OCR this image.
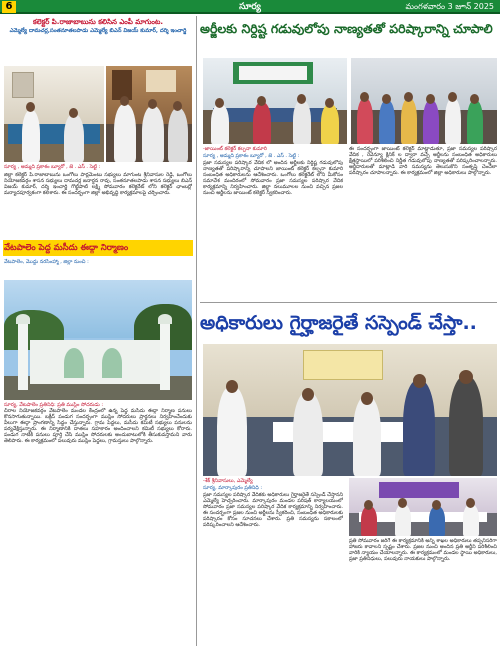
6	సూర్య	మంగళవారం 3 జూన్ 2025
కలెక్టర్ పి.రాజాబాబును కలిసిన ఎంపీ మాగుంట.
ఎమ్మెల్యే దామచర్ల,సంతనూతలపాడు ఎమ్మెల్యే బిఎన్ విజయ్ కుమార్, దర్శి ఇంచార్జి
సూర్య , అమ్మది ప్రకాశం బ్యూరో , జె . ఎస్ . సెట్టి :
జిల్లా కలెక్టర్ పి.రాజాబాబును ఒంగోలు పార్లమెంటు సభ్యులు మాగుంట శ్రీనివాసుల రెడ్డి, ఒంగోలు నియోజకవర్గం శాసన సభ్యులు దామచర్ల జనార్ధన రావు, సంతనూతలపాడు శాసన సభ్యులు బిఎన్ విజయ్ కుమార్, దర్శి ఇంచార్జి గొట్టిపాటి లక్ష్మి సోమవారం కలెక్టరేట్ లోని కలెక్టర్ ఛాంబర్లో మర్యాదపూర్వకంగా కలిశారు. ఈ సందర్భంగా జిల్లా అభివృద్ధి కార్యక్రమాలపై చర్చించారు.
వేటపాలెం పెద్ద మసీదు ఈద్గా నిర్మాణం
వేటపాలెం, మొద్దు నరసింహ్మా , జిల్లా నుంచి :
సూర్య, వేటపాలెం ప్రతినిధి: ప్రతి ముస్లిం సోదరుడు :
చీరాల నియోజకవర్గం వేటపాలెం మండల కేంద్రంలో ఉన్న పెద్ద మసీదు ఈద్గా నిర్మాణ పనులు కొనసాగుతున్నాయి. బక్రీద్ పండుగ సందర్భంగా ముస్లిం సోదరులు ప్రార్థనలు నిర్వహించేందుకు వీలుగా ఈద్గా ప్రాంగణాన్ని సిద్ధం చేస్తున్నారు. గ్రామ పెద్దలు, మసీదు కమిటీ సభ్యులు పనులను పర్యవేక్షిస్తున్నారు. ఈ నిర్మాణానికి దాతలు సహకారం అందించాలని కమిటీ సభ్యులు కోరారు. పండుగ నాటికి పనులు పూర్తి చేసి ముస్లిం సోదరులకు అందుబాటులోకి తీసుకువస్తామని వారు తెలిపారు. ఈ కార్యక్రమంలో పలువురు ముస్లిం పెద్దలు, గ్రామస్తులు పాల్గొన్నారు.
అర్జీలకు నిర్దిష్ట గడువులోపు నాణ్యతతో పరిష్కారాన్ని చూపాలి
-జాయింట్ కలెక్టర్ కల్పనా కుమారి
సూర్య , అమ్మది ప్రకాశం బ్యూరో , జె . ఎస్ . సెట్టి :
ప్రజా సమస్యల పరిష్కార వేదిక లో అందిన అర్జీలకు నిర్దిష్ట గడువులోపు నాణ్యతతో పరిష్కారాన్ని చూపాలని జాయింట్ కలెక్టర్ కల్పనా కుమారి సంబంధిత అధికారులను ఆదేశించారు. ఒంగోలు కలెక్టరేట్ లోని మీకోసం సమావేశ మందిరంలో సోమవారం ప్రజా సమస్యల పరిష్కార వేదిక కార్యక్రమాన్ని నిర్వహించారు. జిల్లా నలుమూలల నుంచి వచ్చిన ప్రజల నుంచి అర్జీలను జాయింట్ కలెక్టర్ స్వీకరించారు.
ఈ సందర్భంగా జాయింట్ కలెక్టర్ మాట్లాడుతూ, ప్రజా సమస్యల పరిష్కార వేదిక , రెవెన్యూ క్లినిక్ ల ద్వారా వచ్చే అర్జీలను సంబంధిత అధికారులు క్షేత్రస్థాయిలో పరిశీలించి నిర్ణీత గడువులోపు నాణ్యతతో పరిష్కరించాలన్నారు. అర్జీదారులతో మాట్లాడి వారి సమస్యను తెలుసుకొని సంతృప్తి చెందేలా పరిష్కారం చూపాలన్నారు. ఈ కార్యక్రమంలో జిల్లా అధికారులు పాల్గొన్నారు.
అధికారులు గైర్హాజరైతే సస్పెండ్ చేస్తా..
-శేక్ శ్రీనివాసులు, ఎమ్మెల్యే
సూర్య, మార్కాపురం ప్రతినిధి :
ప్రజా సమస్యల పరిష్కార వేదికకు అధికారులు గైర్హాజరైతే సస్పెండ్ చేస్తానని ఎమ్మెల్యే హెచ్చరించారు. మార్కాపురం మండల పరిషత్ కార్యాలయంలో సోమవారం ప్రజా సమస్యల పరిష్కార వేదిక కార్యక్రమాన్ని నిర్వహించారు. ఈ సందర్భంగా ప్రజల నుంచి అర్జీలను స్వీకరించి, సంబంధిత అధికారులకు పరిష్కారం కోసం సూచనలు చేశారు. ప్రతి సమస్యను సకాలంలో పరిష్కరించాలని ఆదేశించారు.
ప్రతి సోమవారం జరిగే ఈ కార్యక్రమానికి అన్ని శాఖల అధికారులు తప్పనిసరిగా హాజరు కావాలని స్పష్టం చేశారు. ప్రజల నుంచి అందిన ప్రతి అర్జీని పరిశీలించి వారికి న్యాయం చేయాలన్నారు. ఈ కార్యక్రమంలో మండల స్థాయి అధికారులు, ప్రజా ప్రతినిధులు, పలువురు నాయకులు పాల్గొన్నారు.
